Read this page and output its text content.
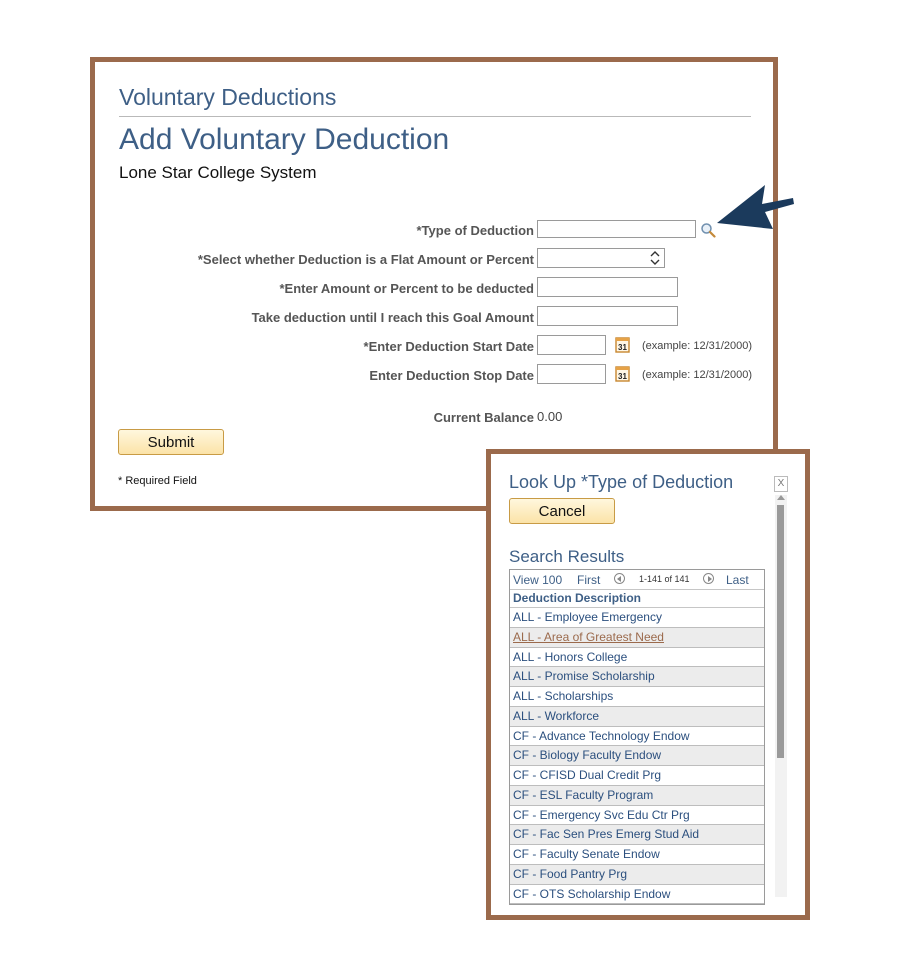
Voluntary Deductions
Add Voluntary Deduction
Lone Star College System
*Type of Deduction
*Select whether Deduction is a Flat Amount or Percent
*Enter Amount or Percent to be deducted
Take deduction until I reach this Goal Amount
*Enter Deduction Start Date	31 (example: 12/31/2000)
Enter Deduction Stop Date	31 (example: 12/31/2000)
Current Balance 0.00
Submit
* Required Field	Look Up *Type of Deduction	X
Cancel
Search Results
View 100 First	1-141 of 141	Last
Deduction Description
ALL - Employee Emergency
ALL - Area of Greatest Need
ALL - Honors College
ALL - Promise Scholarship
ALL - Scholarships
ALL - Workforce
CF - Advance Technology Endow
CF - Biology Faculty Endow
CF - CFISD Dual Credit Prg
CF - ESL Faculty Program
CF - Emergency Svc Edu Ctr Prg
CF - Fac Sen Pres Emerg Stud Aid
CF - Faculty Senate Endow
CF - Food Pantry Prg
CF - OTS Scholarship Endow
